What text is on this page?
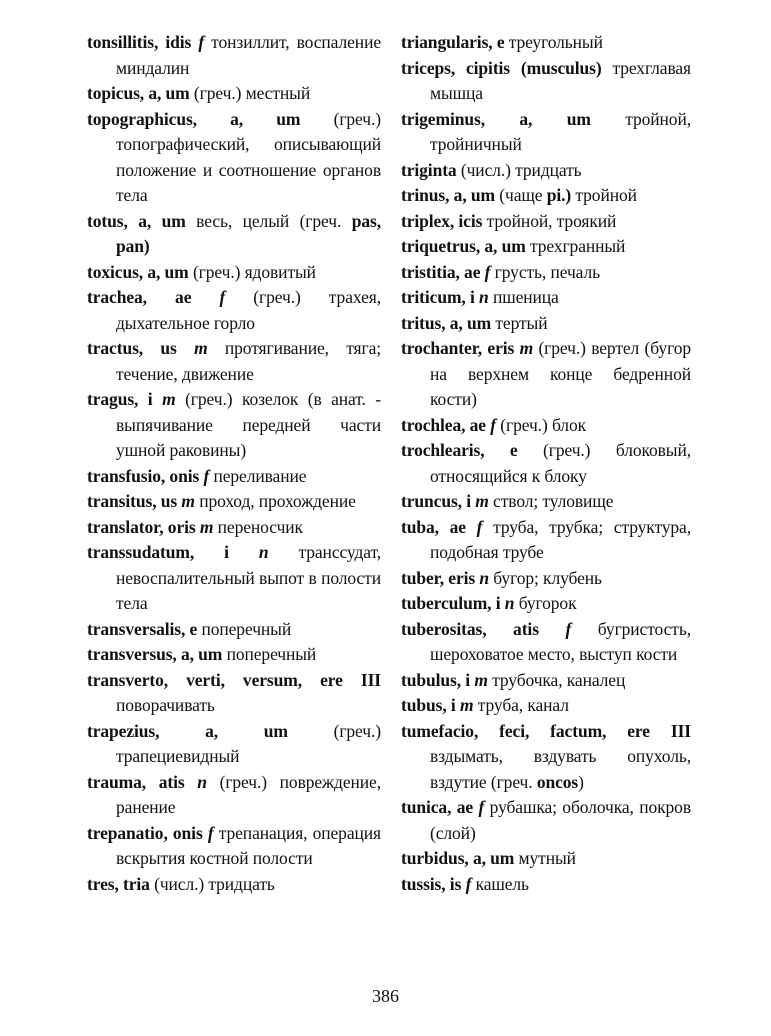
tonsillitis, idis f тонзиллит, воспаление миндалин
topicus, a, um (греч.) местный
topographicus, a, um (греч.) топографический, описывающий положение и соотношение органов тела
totus, a, um весь, целый (греч. pas, pan)
toxicus, a, um (греч.) ядовитый
trachea, ae f (греч.) трахея, дыхательное горло
tractus, us m протягивание, тяга; течение, движение
tragus, i m (греч.) козелок (в анат. - выпячивание передней части ушной раковины)
transfusio, onis f переливание
transitus, us m проход, прохождение
translator, oris m переносчик
transsudatum, i n транссудат, невоспалительный выпот в полости тела
transversalis, e поперечный
transversus, a, um поперечный
transverto, verti, versum, ere III поворачивать
trapezius, a, um (греч.) трапециевидный
trauma, atis n (греч.) повреждение, ранение
trepanatio, onis f трепанация, операция вскрытия костной полости
tres, tria (числ.) тридцать
triangularis, e треугольный
triceps, cipitis (musculus) трехглавая мышца
trigeminus, a, um тройной, тройничный
triginta (числ.) тридцать
trinus, a, um (чаще pi.) тройной
triplex, icis тройной, троякий
triquetrus, a, um трехгранный
tristitia, ae f грусть, печаль
triticum, i n пшеница
tritus, a, um тертый
trochanter, eris m (греч.) вертел (бугор на верхнем конце бедренной кости)
trochlea, ae f (греч.) блок
trochlearis, e (греч.) блоковый, относящийся к блоку
truncus, i m ствол; туловище
tuba, ae f труба, трубка; структура, подобная трубе
tuber, eris n бугор; клубень
tuberculum, i n бугорок
tuberositas, atis f бугристость, шероховатое место, выступ кости
tubulus, i m трубочка, каналец
tubus, i m труба, канал
tumefacio, feci, factum, ere III вздымать, вздувать опухоль, вздутие (греч. oncos)
tunica, ae f рубашка; оболочка, покров (слой)
turbidus, a, um мутный
tussis, is f кашель
386
